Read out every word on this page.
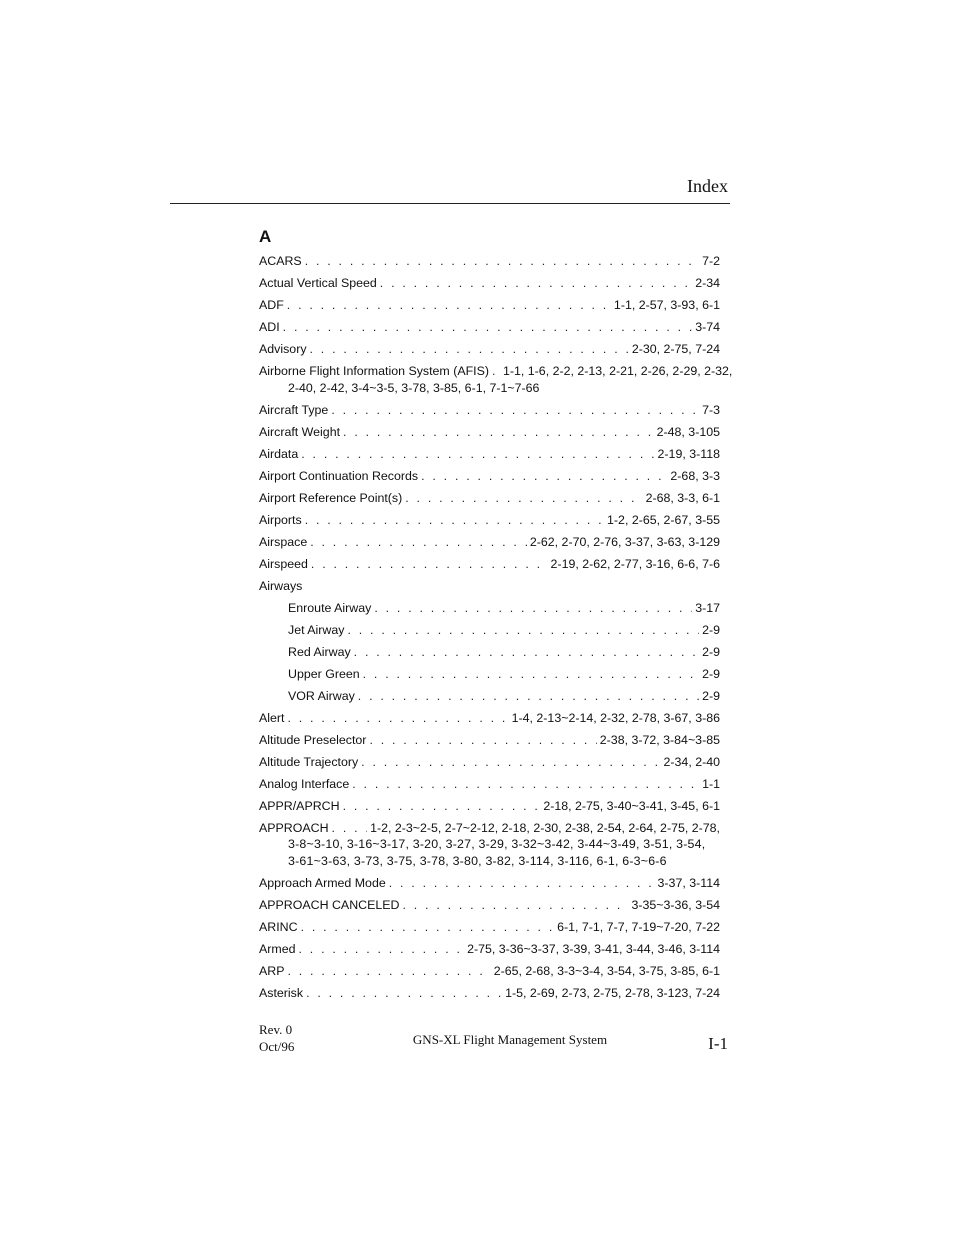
Index
A
ACARS . . .	7-2
Actual Vertical Speed . . .	2-34
ADF . . .	1-1, 2-57, 3-93, 6-1
ADI . . .	3-74
Advisory . . .	2-30, 2-75, 7-24
Airborne Flight Information System (AFIS) . . . 1-1, 1-6, 2-2, 2-13, 2-21, 2-26, 2-29, 2-32,
2-40, 2-42, 3-4~3-5, 3-78, 3-85, 6-1, 7-1~7-66
Aircraft Type . . .	7-3
Aircraft Weight . . .	2-48, 3-105
Airdata . . .	2-19, 3-118
Airport Continuation Records . . .	2-68, 3-3
Airport Reference Point(s) . . .	2-68, 3-3, 6-1
Airports . . .	1-2, 2-65, 2-67, 3-55
Airspace . . .	2-62, 2-70, 2-76, 3-37, 3-63, 3-129
Airspeed . . .	2-19, 2-62, 2-77, 3-16, 6-6, 7-6
Airways
Enroute Airway . . .	3-17
Jet Airway . . .	2-9
Red Airway . . .	2-9
Upper Green . . .	2-9
VOR Airway . . .	2-9
Alert . . .	1-4, 2-13~2-14, 2-32, 2-78, 3-67, 3-86
Altitude Preselector . . .	2-38, 3-72, 3-84~3-85
Altitude Trajectory . . .	2-34, 2-40
Analog Interface . . .	1-1
APPR/APRCH . . .	2-18, 2-75, 3-40~3-41, 3-45, 6-1
APPROACH . . .	1-2, 2-3~2-5, 2-7~2-12, 2-18, 2-30, 2-38, 2-54, 2-64, 2-75, 2-78,
3-8~3-10, 3-16~3-17, 3-20, 3-27, 3-29, 3-32~3-42, 3-44~3-49, 3-51, 3-54,
3-61~3-63, 3-73, 3-75, 3-78, 3-80, 3-82, 3-114, 3-116, 6-1, 6-3~6-6
Approach Armed Mode . . .	3-37, 3-114
APPROACH CANCELED . . .	3-35~3-36, 3-54
ARINC . . .	6-1, 7-1, 7-7, 7-19~7-20, 7-22
Armed . . .	2-75, 3-36~3-37, 3-39, 3-41, 3-44, 3-46, 3-114
ARP . . .	2-65, 2-68, 3-3~3-4, 3-54, 3-75, 3-85, 6-1
Asterisk . . .	1-5, 2-69, 2-73, 2-75, 2-78, 3-123, 7-24
Rev. 0
Oct/96	GNS-XL Flight Management System	I-1
